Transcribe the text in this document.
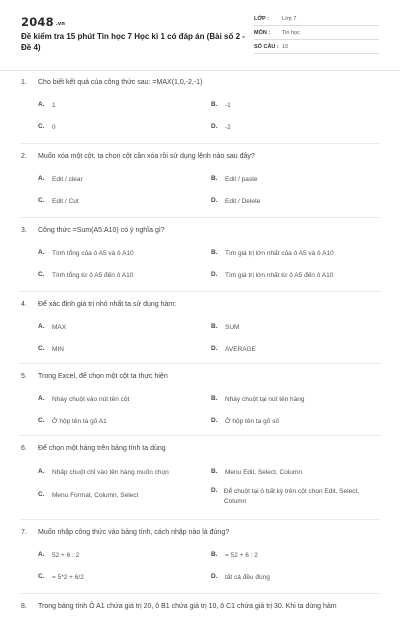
2048 .vn
Đề kiểm tra 15 phút Tin học 7 Học kì 1 có đáp án (Bài số 2 - Đề 4)
LỚP :	Lớp 7
MÔN :	Tin học
SỐ CÂU : 10
1.	Cho biết kết quả của công thức sau: =MAX(1,0,-2,-1)
A.	1	B.	-1
C.	0	D.	-2
2.	Muốn xóa một cột, ta chọn cột cần xóa rồi sử dụng lệnh nào sau đây?
A.	Edit / clear	B.	Edit / paste
C.	Edit / Cut	D.	Edit / Delete
3.	Công thức =Sum(A5:A10) có ý nghĩa gì?
A.	Tính tổng của ô A5 và ô A10	B.	Tìm giá trị lớn nhất của ô A5 và ô A10
C.	Tính tổng từ ô A5 đến ô A10	D.	Tìm giá trị lớn nhất từ ô A5 đến ô A10
4.	Để xác định giá trị nhỏ nhất ta sử dụng hàm:
A.	MAX	B.	SUM
C.	MIN	D.	AVERAGE
5.	Trong Excel, để chọn một cột ta thực hiện
A.	Nháy chuột vào nút tên cột	B.	Nháy chuột tại nút tên hàng
C.	Ở hộp tên ta gõ A1	D.	Ở hộp tên ta gõ số
6.	Để chọn một hàng trên bảng tính ta dùng
A.	Nhấp chuột chỉ vào tên hàng muốn chọn	B.	Menu Edit, Select, Column
C.	Menu Format, Column, Select
D. Để chuột tại ô bất kỳ trên cột chọn Edit, Select, Column
7.	Muốn nhập công thức vào bảng tính, cách nhập nào là đúng?
A.	52 + 6 : 2	B.	= 52 + 6 : 2
C.	= 5*2 + 6/2	D.	tất cả đều đúng
8.	Trong bảng tính Ô A1 chứa giá trị 20, ô B1 chứa giá trị 10, ô C1 chứa giá trị 30. Khi ta dùng hàm
